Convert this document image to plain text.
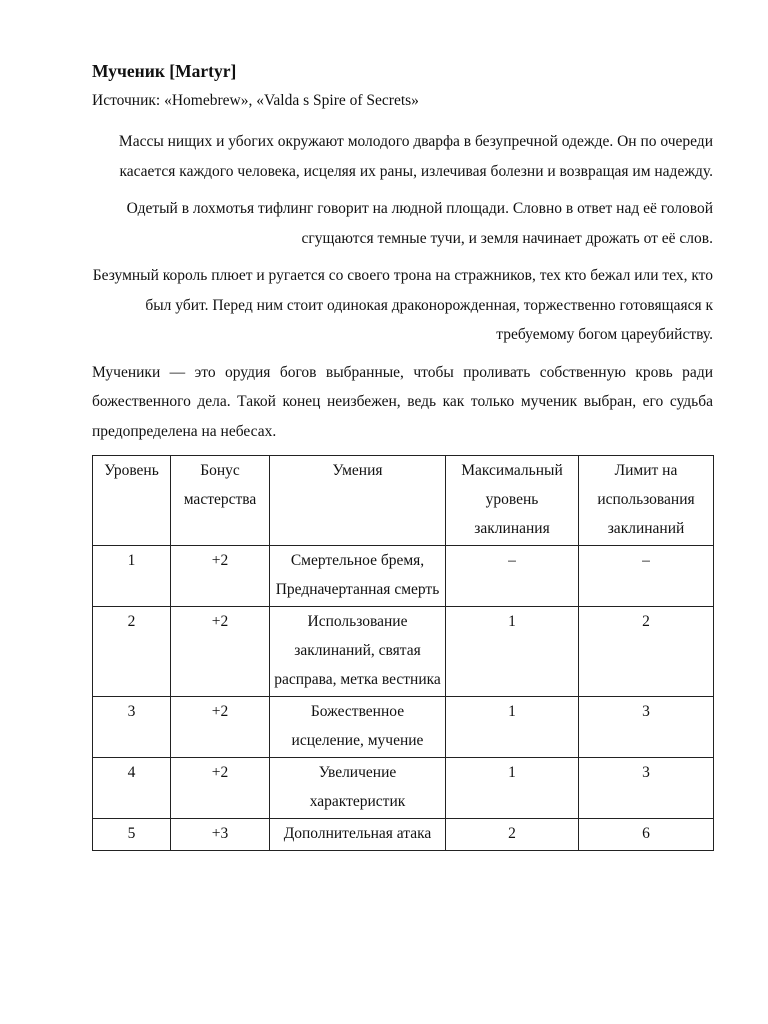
Мученик [Martyr]

Источник: «Homebrew», «Valda s Spire of Secrets»

Массы нищих и убогих окружают молодого дварфа в безупречной одежде. Он по очереди касается каждого человека, исцеляя их раны, излечивая болезни и возвращая им надежду.

Одетый в лохмотья тифлинг говорит на людной площади. Словно в ответ над её головой сгущаются темные тучи, и земля начинает дрожать от её слов.

Безумный король плюет и ругается со своего трона на стражников, тех кто бежал или тех, кто был убит. Перед ним стоит одинокая драконорожденная, торжественно готовящаяся к требуемому богом цареубийству.

Мученики — это орудия богов выбранные, чтобы проливать собственную кровь ради божественного дела. Такой конец неизбежен, ведь как только мученик выбран, его судьба предопределена на небесах.

Уровень	Бонус мастерства	Умения	Максимальный уровень заклинания	Лимит на использования заклинаний
1	+2	Смертельное бремя, Предначертанная смерть	–	–
2	+2	Использование заклинаний, святая расправа, метка вестника	1	2
3	+2	Божественное исцеление, мучение	1	3
4	+2	Увеличение характеристик	1	3
5	+3	Дополнительная атака	2	6
